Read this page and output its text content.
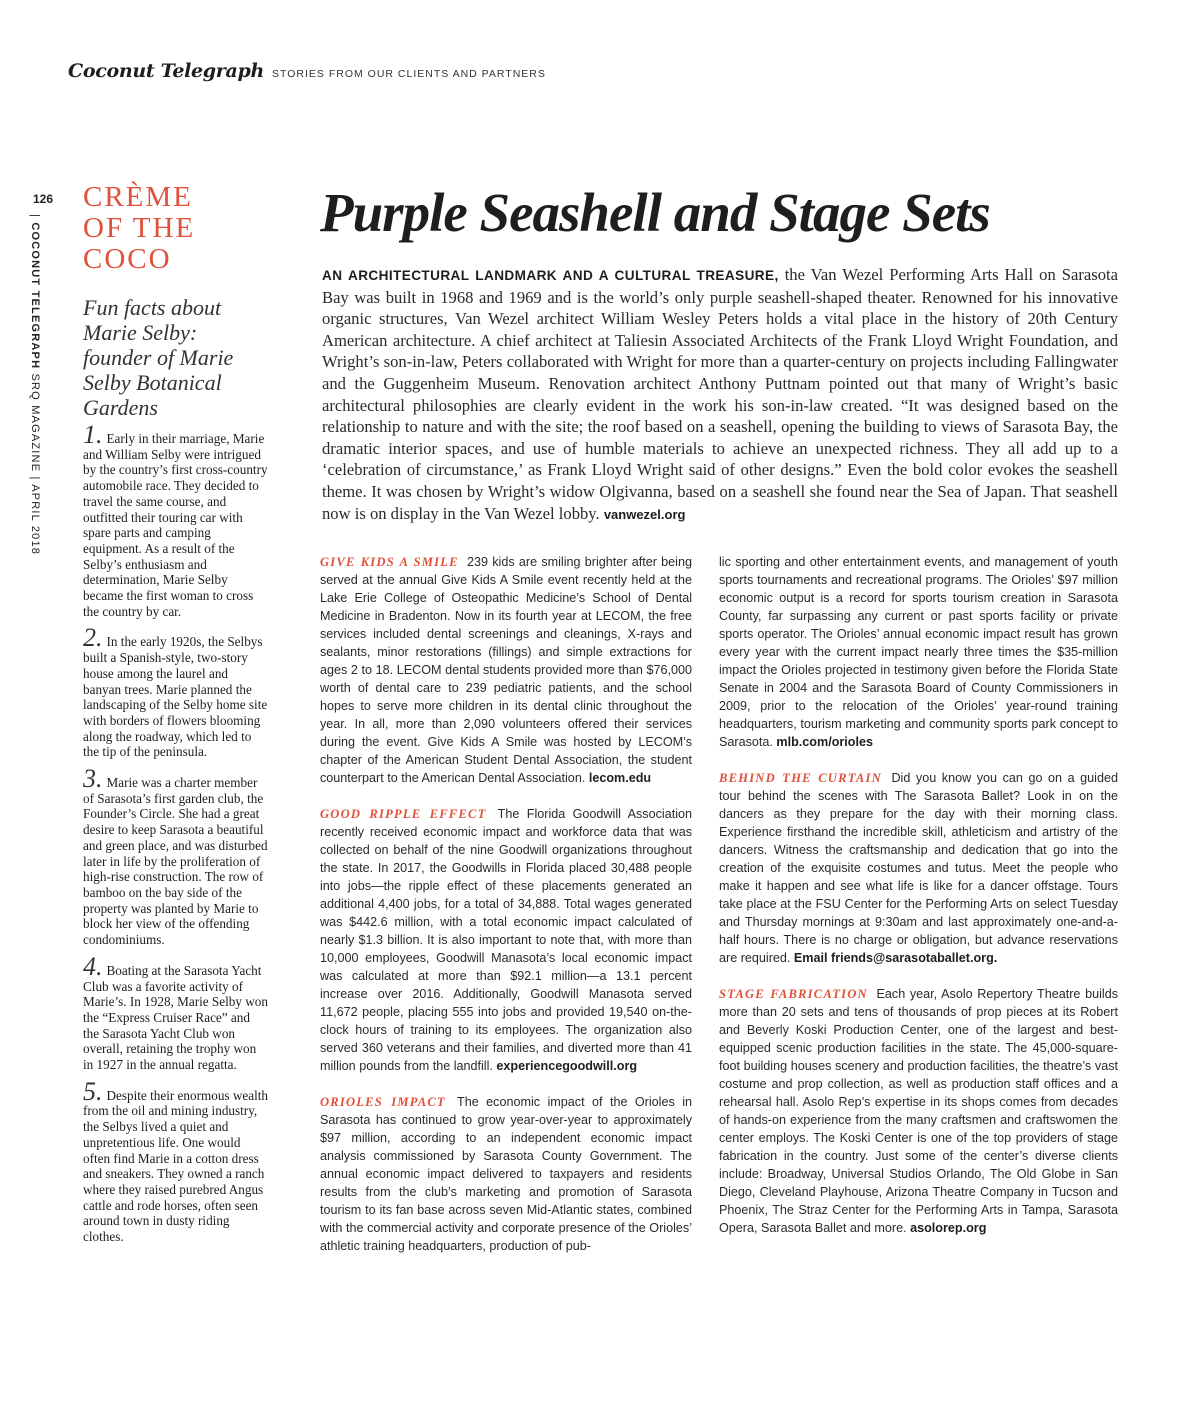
Coconut Telegraph STORIES FROM OUR CLIENTS AND PARTNERS
126
| COCONUT TELEGRAPH SRQ MAGAZINE | APRIL 2018
CRÈME
OF THE
COCO
Fun facts about Marie Selby: founder of Marie Selby Botanical Gardens

1. Early in their marriage, Marie and William Selby were intrigued by the country’s first cross-country automobile race. They decided to travel the same course, and outfitted their touring car with spare parts and camping equipment. As a result of the Selby’s enthusiasm and determination, Marie Selby became the first woman to cross the country by car.

2. In the early 1920s, the Selbys built a Spanish-style, two-story house among the laurel and banyan trees. Marie planned the landscaping of the Selby home site with borders of flowers blooming along the roadway, which led to the tip of the peninsula.

3. Marie was a charter member of Sarasota’s first garden club, the Founder’s Circle. She had a great desire to keep Sarasota a beautiful and green place, and was disturbed later in life by the proliferation of high-rise construction. The row of bamboo on the bay side of the property was planted by Marie to block her view of the offending condominiums.

4. Boating at the Sarasota Yacht Club was a favorite activity of Marie’s. In 1928, Marie Selby won the “Express Cruiser Race” and the Sarasota Yacht Club won overall, retaining the trophy won in 1927 in the annual regatta.

5. Despite their enormous wealth from the oil and mining industry, the Selbys lived a quiet and unpretentious life. One would often find Marie in a cotton dress and sneakers. They owned a ranch where they raised purebred Angus cattle and rode horses, often seen around town in dusty riding clothes.

Purple Seashell and Stage Sets

AN ARCHITECTURAL LANDMARK AND A CULTURAL TREASURE, the Van Wezel Performing Arts Hall on Sarasota Bay was built in 1968 and 1969 and is the world’s only purple seashell-shaped theater. Renowned for his innovative organic structures, Van Wezel architect William Wesley Peters holds a vital place in the history of 20th Century American architecture. A chief architect at Taliesin Associated Architects of the Frank Lloyd Wright Foundation, and Wright’s son-in-law, Peters collaborated with Wright for more than a quarter-century on projects including Fallingwater and the Guggenheim Museum. Renovation architect Anthony Puttnam pointed out that many of Wright’s basic architectural philosophies are clearly evident in the work his son-in-law created. “It was designed based on the relationship to nature and with the site; the roof based on a seashell, opening the building to views of Sarasota Bay, the dramatic interior spaces, and use of humble materials to achieve an unexpected richness. They all add up to a ‘celebration of circumstance,’ as Frank Lloyd Wright said of other designs.” Even the bold color evokes the seashell theme. It was chosen by Wright’s widow Olgivanna, based on a seashell she found near the Sea of Japan. That seashell now is on display in the Van Wezel lobby. vanwezel.org

GIVE KIDS A SMILE 239 kids are smiling brighter after being served at the annual Give Kids A Smile event recently held at the Lake Erie College of Osteopathic Medicine’s School of Dental Medicine in Bradenton. Now in its fourth year at LECOM, the free services included dental screenings and cleanings, X-rays and sealants, minor restorations (fillings) and simple extractions for ages 2 to 18. LECOM dental students provided more than $76,000 worth of dental care to 239 pediatric patients, and the school hopes to serve more children in its dental clinic throughout the year. In all, more than 2,090 volunteers offered their services during the event. Give Kids A Smile was hosted by LECOM’s chapter of the American Student Dental Association, the student counterpart to the American Dental Association. lecom.edu

GOOD RIPPLE EFFECT The Florida Goodwill Association recently received economic impact and workforce data that was collected on behalf of the nine Goodwill organizations throughout the state. In 2017, the Goodwills in Florida placed 30,488 people into jobs—the ripple effect of these placements generated an additional 4,400 jobs, for a total of 34,888. Total wages generated was $442.6 million, with a total economic impact calculated of nearly $1.3 billion. It is also important to note that, with more than 10,000 employees, Goodwill Manasota’s local economic impact was calculated at more than $92.1 million—a 13.1 percent increase over 2016. Additionally, Goodwill Manasota served 11,672 people, placing 555 into jobs and provided 19,540 on-the-clock hours of training to its employees. The organization also served 360 veterans and their families, and diverted more than 41 million pounds from the landfill. experiencegoodwill.org

ORIOLES IMPACT The economic impact of the Orioles in Sarasota has continued to grow year-over-year to approximately $97 million, according to an independent economic impact analysis commissioned by Sarasota County Government. The annual economic impact delivered to taxpayers and residents results from the club’s marketing and promotion of Sarasota tourism to its fan base across seven Mid-Atlantic states, combined with the commercial activity and corporate presence of the Orioles’ athletic training headquarters, production of pub-

lic sporting and other entertainment events, and management of youth sports tournaments and recreational programs. The Orioles’ $97 million economic output is a record for sports tourism creation in Sarasota County, far surpassing any current or past sports facility or private sports operator. The Orioles’ annual economic impact result has grown every year with the current impact nearly three times the $35-million impact the Orioles projected in testimony given before the Florida State Senate in 2004 and the Sarasota Board of County Commissioners in 2009, prior to the relocation of the Orioles’ year-round training headquarters, tourism marketing and community sports park concept to Sarasota. mlb.com/orioles

BEHIND THE CURTAIN Did you know you can go on a guided tour behind the scenes with The Sarasota Ballet? Look in on the dancers as they prepare for the day with their morning class. Experience firsthand the incredible skill, athleticism and artistry of the dancers. Witness the craftsmanship and dedication that go into the creation of the exquisite costumes and tutus. Meet the people who make it happen and see what life is like for a dancer offstage. Tours take place at the FSU Center for the Performing Arts on select Tuesday and Thursday mornings at 9:30am and last approximately one-and-a-half hours. There is no charge or obligation, but advance reservations are required. Email friends@sarasotaballet.org.

STAGE FABRICATION Each year, Asolo Repertory Theatre builds more than 20 sets and tens of thousands of prop pieces at its Robert and Beverly Koski Production Center, one of the largest and best-equipped scenic production facilities in the state. The 45,000-square-foot building houses scenery and production facilities, the theatre’s vast costume and prop collection, as well as production staff offices and a rehearsal hall. Asolo Rep’s expertise in its shops comes from decades of hands-on experience from the many craftsmen and craftswomen the center employs. The Koski Center is one of the top providers of stage fabrication in the country. Just some of the center’s diverse clients include: Broadway, Universal Studios Orlando, The Old Globe in San Diego, Cleveland Playhouse, Arizona Theatre Company in Tucson and Phoenix, The Straz Center for the Performing Arts in Tampa, Sarasota Opera, Sarasota Ballet and more. asolorep.org
